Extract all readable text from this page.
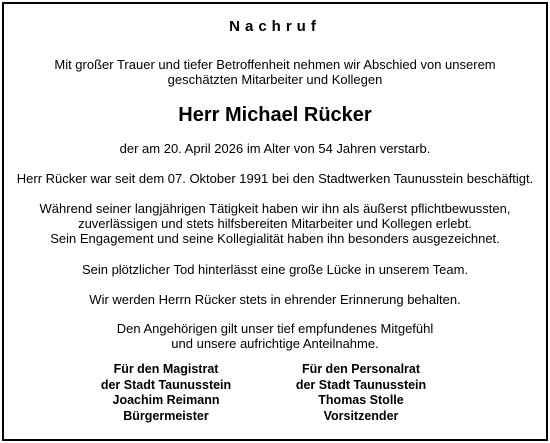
Nachruf
Mit großer Trauer und tiefer Betroffenheit nehmen wir Abschied von unserem
geschätzten Mitarbeiter und Kollegen
Herr Michael Rücker
der am 20. April 2026 im Alter von 54 Jahren verstarb.
Herr Rücker war seit dem 07. Oktober 1991 bei den Stadtwerken Taunusstein beschäftigt.
Während seiner langjährigen Tätigkeit haben wir ihn als äußerst pflichtbewussten,
zuverlässigen und stets hilfsbereiten Mitarbeiter und Kollegen erlebt.
Sein Engagement und seine Kollegialität haben ihn besonders ausgezeichnet.
Sein plötzlicher Tod hinterlässt eine große Lücke in unserem Team.
Wir werden Herrn Rücker stets in ehrender Erinnerung behalten.
Den Angehörigen gilt unser tief empfundenes Mitgefühl
und unsere aufrichtige Anteilnahme.
Für den Magistrat
der Stadt Taunusstein
Joachim Reimann
Bürgermeister
Für den Personalrat
der Stadt Taunusstein
Thomas Stolle
Vorsitzender
